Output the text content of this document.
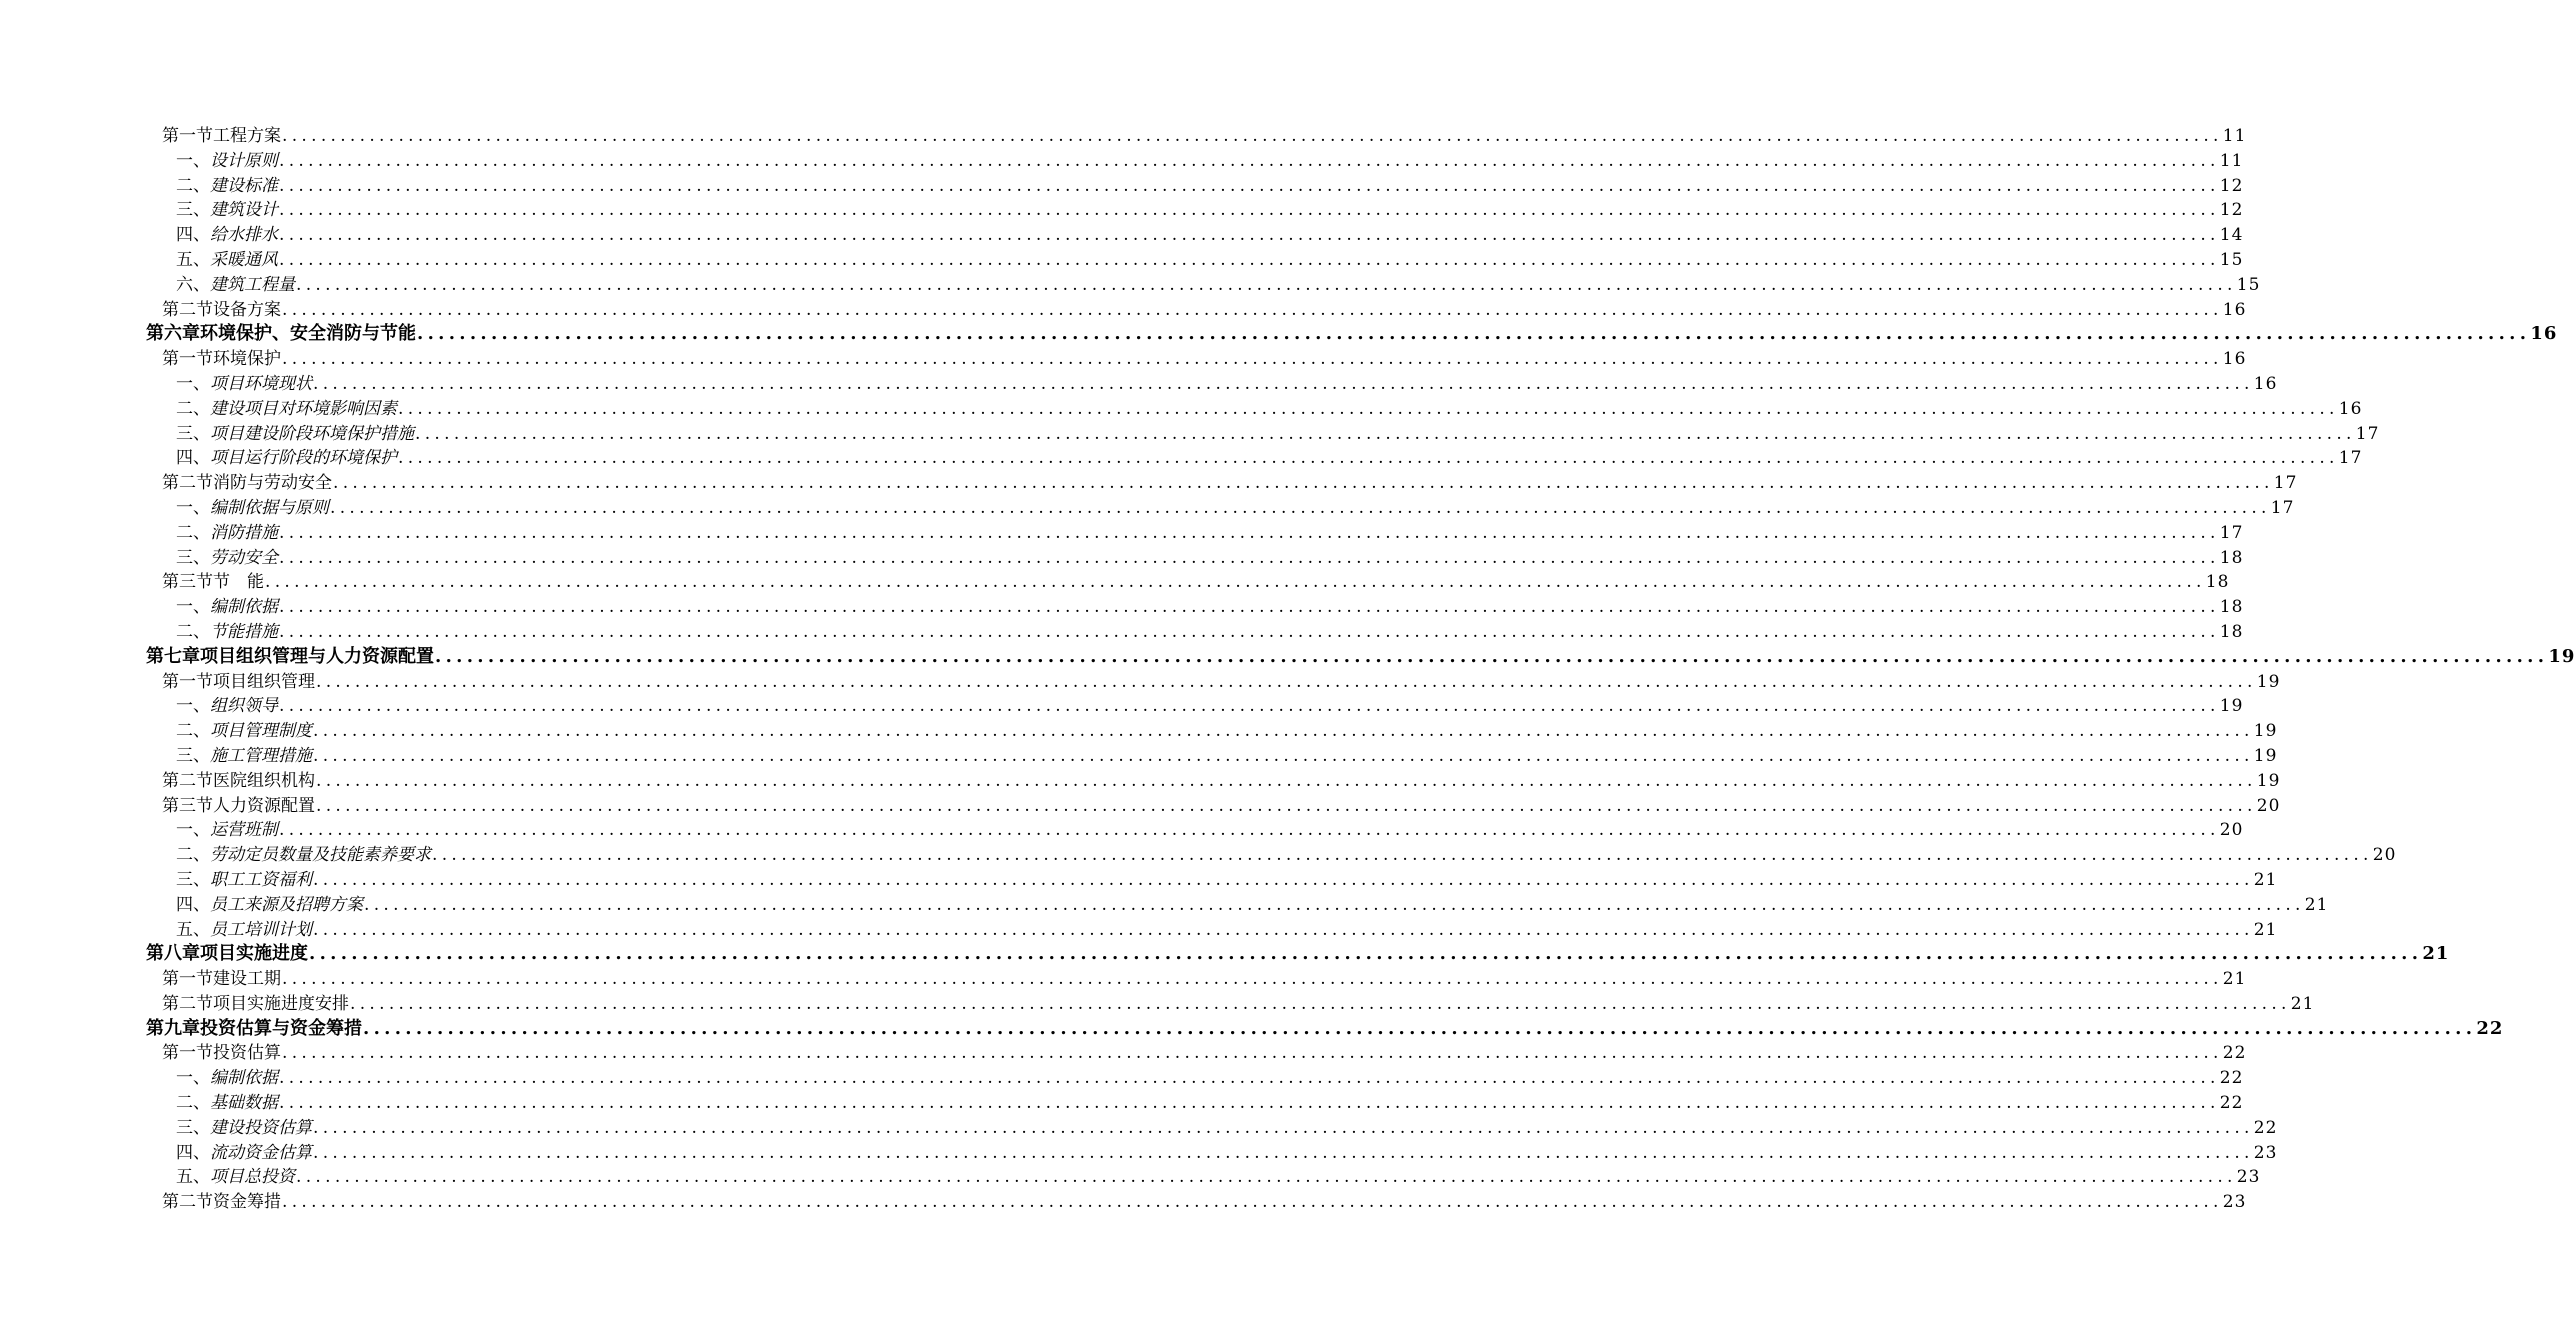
第一节 工程方案 ........................................................................................................................................................................................................ 11
一、 设计原则 ........................................................................................................................................................................................................ 11
二、 建设标准 ........................................................................................................................................................................................................ 12
三、 建筑设计 ........................................................................................................................................................................................................ 12
四、 给水排水 ........................................................................................................................................................................................................ 14
五、 采暖通风 ........................................................................................................................................................................................................ 15
六、 建筑工程量 ........................................................................................................................................................................................................ 15
第二节 设备方案 ........................................................................................................................................................................................................ 16
第六章 环境保护、安全消防与节能 ........................................................................................................................................................................................................ 16
第一节 环境保护 ........................................................................................................................................................................................................ 16
一、 项目环境现状 ........................................................................................................................................................................................................ 16
二、 建设项目对环境影响因素 ........................................................................................................................................................................................................ 16
三、 项目建设阶段环境保护措施 ........................................................................................................................................................................................................ 17
四、 项目运行阶段的环境保护 ........................................................................................................................................................................................................ 17
第二节 消防与劳动安全 ........................................................................................................................................................................................................ 17
一、 编制依据与原则 ........................................................................................................................................................................................................ 17
二、 消防措施 ........................................................................................................................................................................................................ 17
三、 劳动安全 ........................................................................................................................................................................................................ 18
第三节 节　能 ........................................................................................................................................................................................................ 18
一、 编制依据 ........................................................................................................................................................................................................ 18
二、 节能措施 ........................................................................................................................................................................................................ 18
第七章 项目组织管理与人力资源配置 ........................................................................................................................................................................................................ 19
第一节 项目组织管理 ........................................................................................................................................................................................................ 19
一、 组织领导 ........................................................................................................................................................................................................ 19
二、 项目管理制度 ........................................................................................................................................................................................................ 19
三、 施工管理措施 ........................................................................................................................................................................................................ 19
第二节 医院组织机构 ........................................................................................................................................................................................................ 19
第三节 人力资源配置 ........................................................................................................................................................................................................ 20
一、 运营班制 ........................................................................................................................................................................................................ 20
二、 劳动定员数量及技能素养要求 ........................................................................................................................................................................................................ 20
三、 职工工资福利 ........................................................................................................................................................................................................ 21
四、 员工来源及招聘方案 ........................................................................................................................................................................................................ 21
五、 员工培训计划 ........................................................................................................................................................................................................ 21
第八章 项目实施进度 ........................................................................................................................................................................................................ 21
第一节 建设工期 ........................................................................................................................................................................................................ 21
第二节 项目实施进度安排 ........................................................................................................................................................................................................ 21
第九章 投资估算与资金筹措 ........................................................................................................................................................................................................ 22
第一节 投资估算 ........................................................................................................................................................................................................ 22
一、 编制依据 ........................................................................................................................................................................................................ 22
二、 基础数据 ........................................................................................................................................................................................................ 22
三、 建设投资估算 ........................................................................................................................................................................................................ 22
四、 流动资金估算 ........................................................................................................................................................................................................ 23
五、 项目总投资 ........................................................................................................................................................................................................ 23
第二节 资金筹措 ........................................................................................................................................................................................................ 23
